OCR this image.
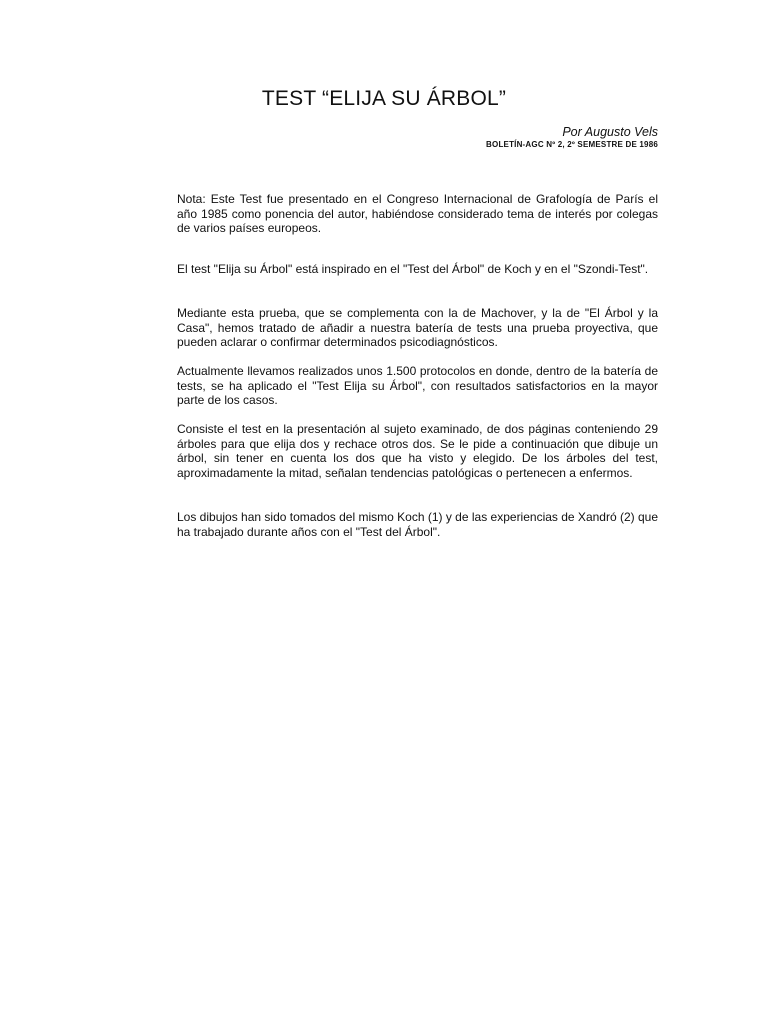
TEST “ELIJA SU ÁRBOL”
Por Augusto Vels
BOLETÍN-AGC Nº 2, 2º SEMESTRE DE 1986

Nota: Este Test fue presentado en el Congreso Internacional de Grafología de París el año 1985 como ponencia del autor, habiéndose considerado tema de interés por colegas de varios países europeos.

El test "Elija su Árbol" está inspirado en el "Test del Árbol" de Koch y en el "Szondi-Test".

Mediante esta prueba, que se complementa con la de Machover, y la de "El Árbol y la Casa", hemos tratado de añadir a nuestra batería de tests una prueba proyectiva, que pueden aclarar o confirmar determinados psicodiagnósticos.

Actualmente llevamos realizados unos 1.500 protocolos en donde, dentro de la batería de tests, se ha aplicado el "Test Elija su Árbol", con resultados satisfactorios en la mayor parte de los casos.

Consiste el test en la presentación al sujeto examinado, de dos páginas conteniendo 29 árboles para que elija dos y rechace otros dos. Se le pide a continuación que dibuje un árbol, sin tener en cuenta los dos que ha visto y elegido. De los árboles del test, aproximadamente la mitad, señalan tendencias patológicas o pertenecen a enfermos.

Los dibujos han sido tomados del mismo Koch (1) y de las experiencias de Xandró (2) que ha trabajado durante años con el "Test del Árbol".
